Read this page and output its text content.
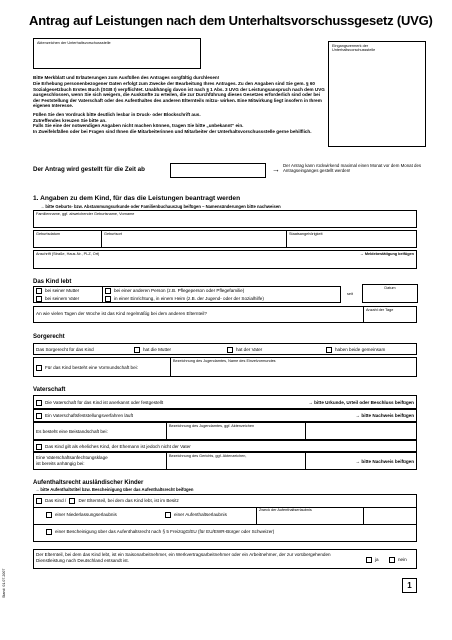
Antrag auf Leistungen nach dem Unterhaltsvorschussgesetz (UVG)
Aktenzeichen der Unterhaltsvorschussstelle
Eingangsvermerk der Unterhaltsvorschussstelle
Bitte Merkblatt und Erläuterungen zum Ausfüllen des Antrages sorgfältig durchlesen!
Die Erhebung personenbezogener Daten erfolgt zum Zwecke der Bearbeitung Ihres Antrages. Zu den Angaben sind Sie gem. § 60 Sozialgesetzbuch Erstes Buch (SGB I) verpflichtet. Unabhängig davon ist nach § 1 Abs. 3 UVG der Leistungsanspruch nach dem UVG ausgeschlossen, wenn Sie sich weigern, die Auskünfte zu erteilen, die zur Durchführung dieses Gesetzes erforderlich sind oder bei der Feststellung der Vaterschaft oder des Aufenthaltes des anderen Elternteils mitzu- wirken. Eine Mitwirkung liegt insofern in Ihrem eigenen Interesse.
Füllen Sie den Vordruck bitte deutlich lesbar in Druck- oder Blockschrift aus.
Zutreffendes kreuzen Sie bitte an.
Falls Sie eine der notwendigen Angaben nicht machen können, tragen Sie bitte „unbekannt“ ein.
In Zweifelsfällen oder bei Fragen sind Ihnen die Mitarbeiterinnen und Mitarbeiter der Unterhaltsvorschussstelle gerne behilflich.
Der Antrag wird gestellt für die Zeit ab	→ Der Antrag kann rückwirkend maximal einen Monat vor dem Monat des Antragseinganges gestellt werden!
1. Angaben zu dem Kind, für das die Leistungen beantragt werden
→ bitte Geburts- bzw. Abstammungsurkunde oder Familienbuchauszug beifügen – Namensänderungen bitte nachweisen
Familienname, ggf. abweichender Geburtsname, Vorname
Geburtsdatum	Geburtsort	Staatsangehörigkeit
Anschrift (Straße, Haus-Nr., PLZ, Ort)	→ Meldebestätigung beifügen
Das Kind lebt
bei seiner Mutter
bei seinem Vater
bei einer anderen Person (z.B. Pflegeperson oder Pflegefamilie)
in einer Einrichtung, in einem Heim (z.B. der Jugend- oder der Sozialhilfe)
seit
Datum
An wie vielen Tagen der Woche ist das Kind regelmäßig bei dem anderen Elternteil?
Anzahl der Tage
Sorgerecht
Das Sorgerecht für das Kind	hat die Mutter	hat der Vater	haben beide gemeinsam
Für das Kind besteht eine Vormundschaft bei:
Bezeichnung des Jugendamtes, Name des Einzelvormundes
Vaterschaft
Die Vaterschaft für das Kind ist anerkannt oder festgestellt	→ bitte Urkunde, Urteil oder Beschluss beifügen
Ein Vaterschaftsfeststellungsverfahren läuft	→ bitte Nachweis beifügen
Es besteht eine Beistandschaft bei:
Bezeichnung des Jugendamtes, ggf. Aktenzeichen
Das Kind gilt als eheliches Kind, der Ehemann ist jedoch nicht der Vater
Eine Vaterschaftsanfechtungsklage
ist bereits anhängig bei:
Bezeichnung des Gerichts, ggf. Aktenzeichen,
→ bitte Nachweis beifügen
Aufenthaltsrecht ausländischer Kinder
→ bitte Aufenthaltstitel bzw. Bescheinigung über das Aufenthaltsrecht beifügen
Das Kind /	Der Elternteil, bei dem das Kind lebt, ist im Besitz
einer Niederlassungserlaubnis	einer Aufenthaltserlaubnis
Zweck der Aufenthaltserlaubnis
einer Bescheinigung über das Aufenthaltsrecht nach § 5 FreizügG/EU (für EU/EWR-Bürger oder Schweizer)
Der Elternteil, bei dem das Kind lebt, ist ein Saisonarbeitnehmer, ein Werkvertragsarbeitnehmer oder ein Arbeitnehmer, der zur vorübergehenden Dienstleistung nach Deutschland entsandt ist.	ja	nein
Stand: 01.07.2007	1
